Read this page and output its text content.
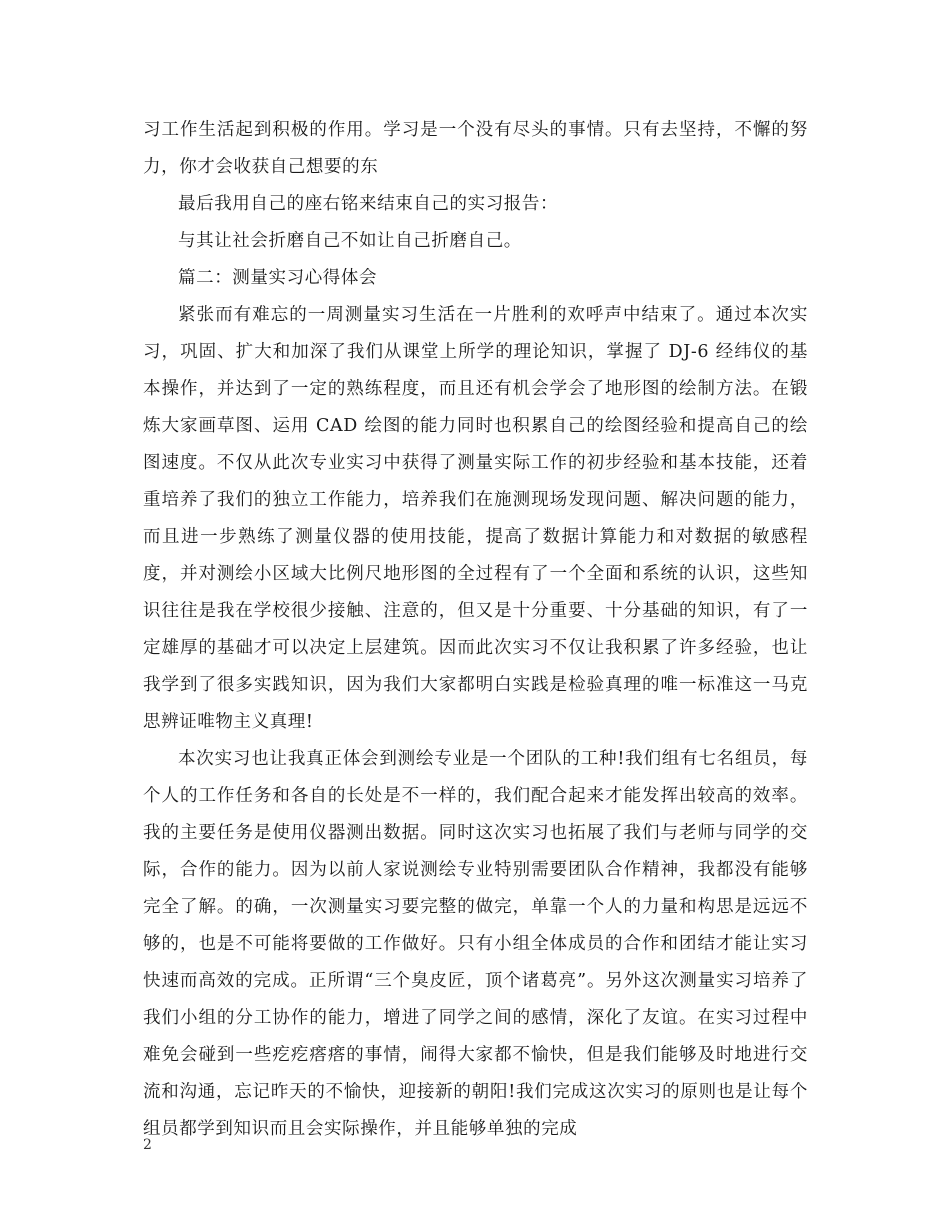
习工作生活起到积极的作用。学习是一个没有尽头的事情。只有去坚持，不懈的努力，你才会收获自己想要的东

最后我用自己的座右铭来结束自己的实习报告：

与其让社会折磨自己不如让自己折磨自己。

篇二：测量实习心得体会

紧张而有难忘的一周测量实习生活在一片胜利的欢呼声中结束了。通过本次实习，巩固、扩大和加深了我们从课堂上所学的理论知识，掌握了 DJ-6 经纬仪的基本操作，并达到了一定的熟练程度，而且还有机会学会了地形图的绘制方法。在锻炼大家画草图、运用 CAD 绘图的能力同时也积累自己的绘图经验和提高自己的绘图速度。不仅从此次专业实习中获得了测量实际工作的初步经验和基本技能，还着重培养了我们的独立工作能力，培养我们在施测现场发现问题、解决问题的能力，而且进一步熟练了测量仪器的使用技能，提高了数据计算能力和对数据的敏感程度，并对测绘小区域大比例尺地形图的全过程有了一个全面和系统的认识，这些知识往往是我在学校很少接触、注意的，但又是十分重要、十分基础的知识，有了一定雄厚的基础才可以决定上层建筑。因而此次实习不仅让我积累了许多经验，也让我学到了很多实践知识，因为我们大家都明白实践是检验真理的唯一标准这一马克思辨证唯物主义真理!

本次实习也让我真正体会到测绘专业是一个团队的工种!我们组有七名组员，每个人的工作任务和各自的长处是不一样的，我们配合起来才能发挥出较高的效率。我的主要任务是使用仪器测出数据。同时这次实习也拓展了我们与老师与同学的交际，合作的能力。因为以前人家说测绘专业特别需要团队合作精神，我都没有能够完全了解。的确，一次测量实习要完整的做完，单靠一个人的力量和构思是远远不够的，也是不可能将要做的工作做好。只有小组全体成员的合作和团结才能让实习快速而高效的完成。正所谓“三个臭皮匠，顶个诸葛亮”。另外这次测量实习培养了我们小组的分工协作的能力，增进了同学之间的感情，深化了友谊。在实习过程中难免会碰到一些疙疙瘩瘩的事情，闹得大家都不愉快，但是我们能够及时地进行交流和沟通，忘记昨天的不愉快，迎接新的朝阳!我们完成这次实习的原则也是让每个组员都学到知识而且会实际操作，并且能够单独的完成

2
